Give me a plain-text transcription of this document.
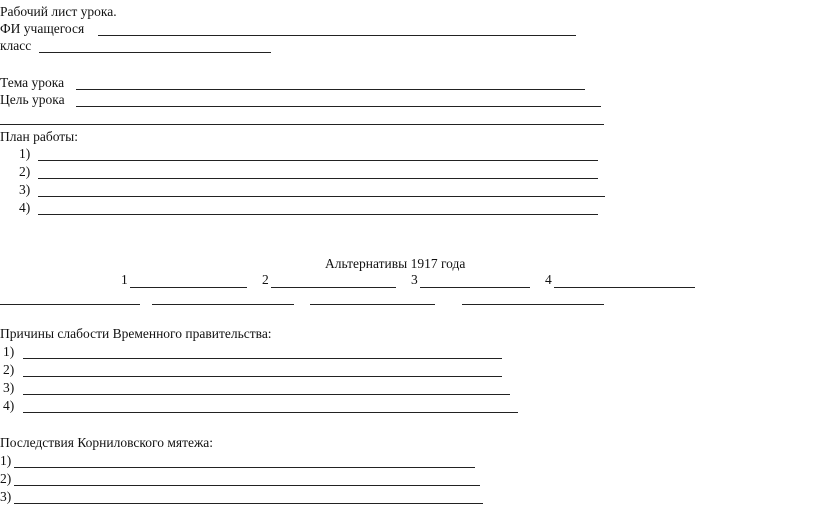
Рабочий лист урока.
ФИ учащегося
класс
Тема урока
Цель урока
План работы:
1)
2)
3)
4)
Альтернативы 1917 года
1	2	3	4
Причины слабости Временного правительства:
1)
2)
3)
4)
Последствия Корниловского мятежа:
1)
2)
3)
